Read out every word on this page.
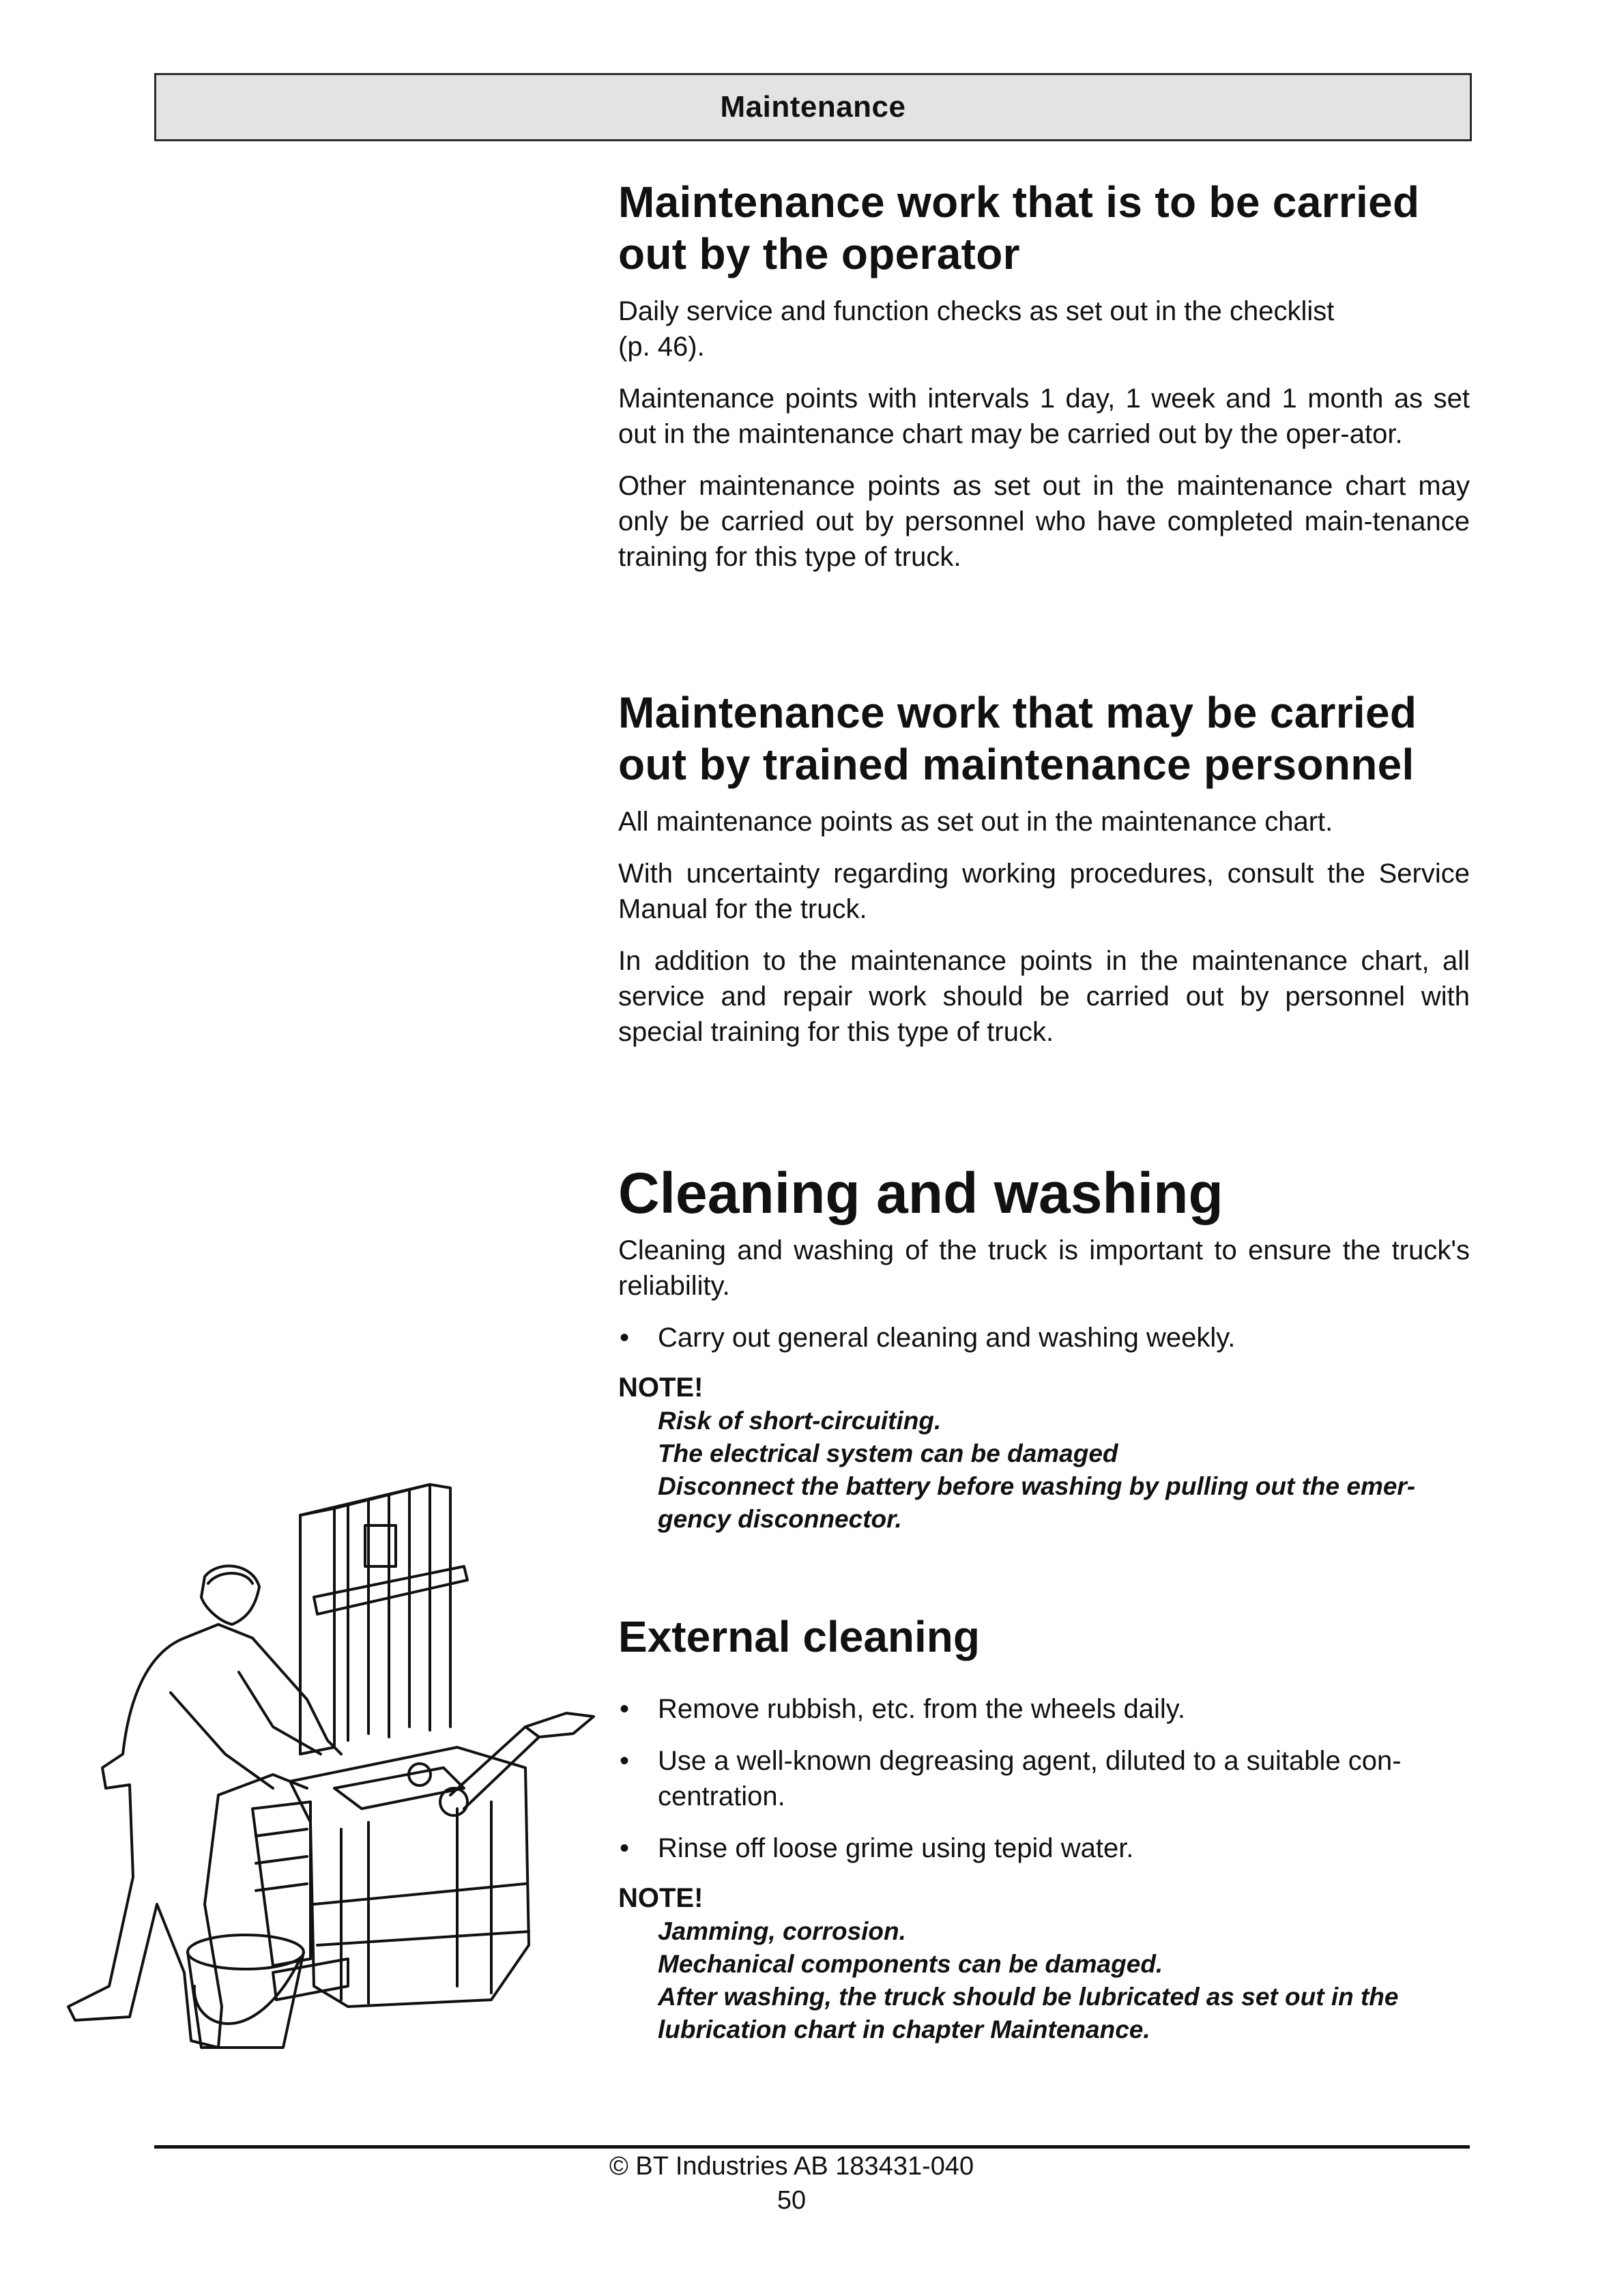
Maintenance
Maintenance work that is to be carried
out by the operator

Daily service and function checks as set out in the checklist
(p. 46).

Maintenance points with intervals 1 day, 1 week and 1 month as set out in the maintenance chart may be carried out by the oper-ator.

Other maintenance points as set out in the maintenance chart may only be carried out by personnel who have completed main-tenance training for this type of truck.

Maintenance work that may be carried
out by trained maintenance personnel

All maintenance points as set out in the maintenance chart.

With uncertainty regarding working procedures, consult the Service Manual for the truck.

In addition to the maintenance points in the maintenance chart, all service and repair work should be carried out by personnel with special training for this type of truck.

Cleaning and washing

Cleaning and washing of the truck is important to ensure the truck's reliability.

• Carry out general cleaning and washing weekly.
NOTE!
Risk of short-circuiting.
The electrical system can be damaged
Disconnect the battery before washing by pulling out the emer-
gency disconnector.
External cleaning
• Remove rubbish, etc. from the wheels daily.
• Use a well-known degreasing agent, diluted to a suitable con-centration.
• Rinse off loose grime using tepid water.
NOTE!
Jamming, corrosion.
Mechanical components can be damaged.
After washing, the truck should be lubricated as set out in the
lubrication chart in chapter Maintenance.
© BT Industries AB 183431-040
50
